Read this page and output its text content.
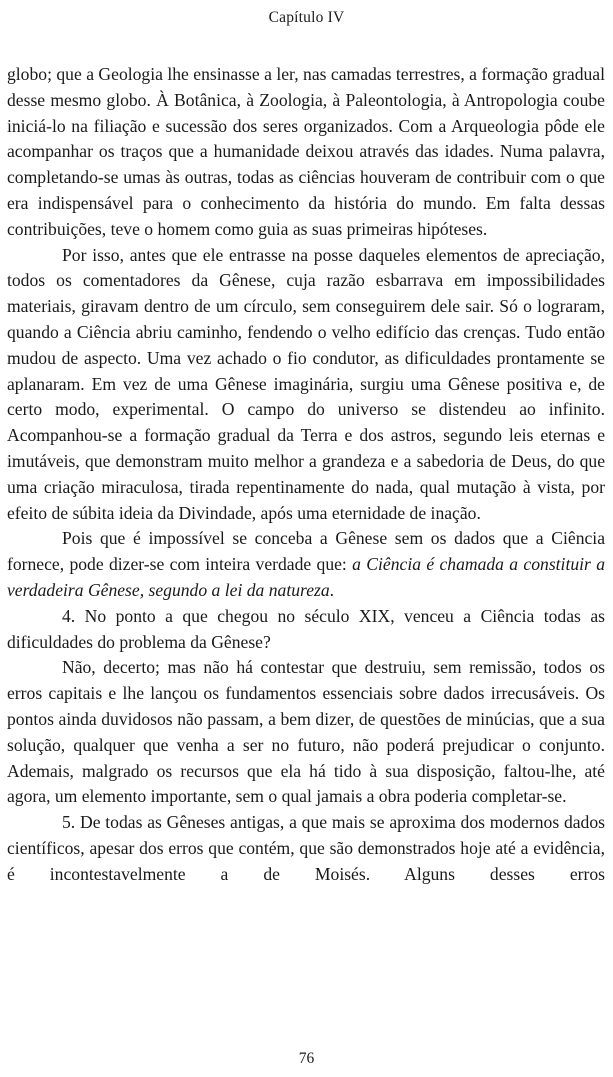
Capítulo IV

globo; que a Geologia lhe ensinasse a ler, nas camadas terrestres, a formação gradual desse mesmo globo. À Botânica, à Zoologia, à Paleontologia, à Antropologia coube iniciá-lo na filiação e sucessão dos seres organizados. Com a Arqueologia pôde ele acompanhar os traços que a humanidade deixou através das idades. Numa palavra, completando-se umas às outras, todas as ciências houveram de contribuir com o que era indispensável para o conhecimento da história do mundo. Em falta dessas contribuições, teve o homem como guia as suas primeiras hipóteses.

Por isso, antes que ele entrasse na posse daqueles elementos de apreciação, todos os comentadores da Gênese, cuja razão esbarrava em impossibilidades materiais, giravam dentro de um círculo, sem conseguirem dele sair. Só o lograram, quando a Ciência abriu caminho, fendendo o velho edifício das crenças. Tudo então mudou de aspecto. Uma vez achado o fio condutor, as dificuldades prontamente se aplanaram. Em vez de uma Gênese imaginária, surgiu uma Gênese positiva e, de certo modo, experimental. O campo do universo se distendeu ao infinito. Acompanhou-se a formação gradual da Terra e dos astros, segundo leis eternas e imutáveis, que demonstram muito melhor a grandeza e a sabedoria de Deus, do que uma criação miraculosa, tirada repentinamente do nada, qual mutação à vista, por efeito de súbita ideia da Divindade, após uma eternidade de inação.

Pois que é impossível se conceba a Gênese sem os dados que a Ciência fornece, pode dizer-se com inteira verdade que: a Ciência é chamada a constituir a verdadeira Gênese, segundo a lei da natureza.

4. No ponto a que chegou no século XIX, venceu a Ciência todas as dificuldades do problema da Gênese?

Não, decerto; mas não há contestar que destruiu, sem remissão, todos os erros capitais e lhe lançou os fundamentos essenciais sobre dados irrecusáveis. Os pontos ainda duvidosos não passam, a bem dizer, de questões de minúcias, que a sua solução, qualquer que venha a ser no futuro, não poderá prejudicar o conjunto. Ademais, malgrado os recursos que ela há tido à sua disposição, faltou-lhe, até agora, um elemento importante, sem o qual jamais a obra poderia completar-se.

5. De todas as Gêneses antigas, a que mais se aproxima dos modernos dados científicos, apesar dos erros que contém, que são demonstrados hoje até a evidência, é incontestavelmente a de Moisés. Alguns desses erros

76
